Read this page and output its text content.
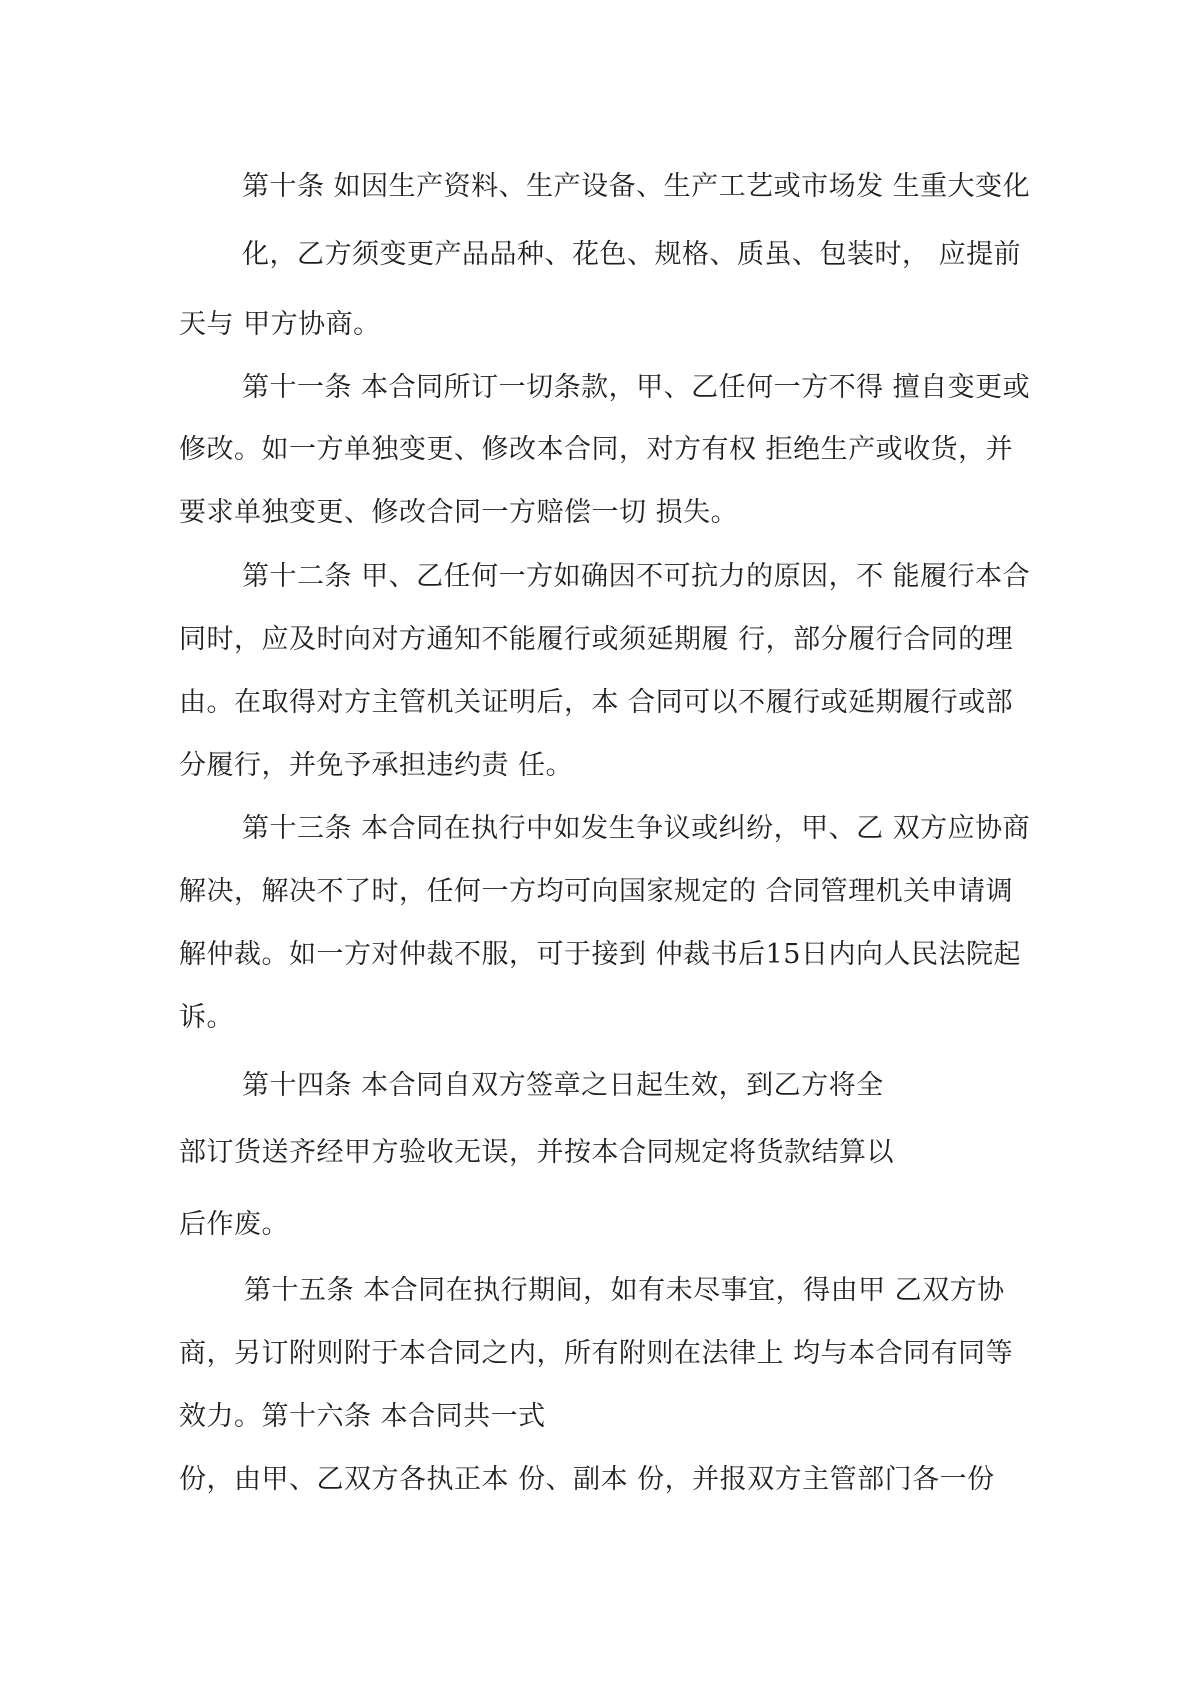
第十条 如因生产资料、生产设备、生产工艺或市场发 生重大变化
化，乙方须变更产品品种、花色、规格、质虽、包装时， 应提前
天与 甲方协商。
第十一条 本合同所订一切条款，甲、乙任何一方不得 擅自变更或
修改。如一方单独变更、修改本合同，对方有权 拒绝生产或收货，并
要求单独变更、修改合同一方赔偿一切 损失。
第十二条 甲、乙任何一方如确因不可抗力的原因，不 能履行本合
同时，应及时向对方通知不能履行或须延期履 行，部分履行合同的理
由。在取得对方主管机关证明后，本 合同可以不履行或延期履行或部
分履行，并免予承担违约责 任。
第十三条 本合同在执行中如发生争议或纠纷，甲、乙 双方应协商
解决，解决不了时，任何一方均可向国家规定的 合同管理机关申请调
解仲裁。如一方对仲裁不服，可于接到 仲裁书后15日内向人民法院起
诉。
第十四条 本合同自双方签章之日起生效，到乙方将全
部订货送齐经甲方验收无误，并按本合同规定将货款结算以
后作废。
第十五条 本合同在执行期间，如有未尽事宜，得由甲 乙双方协
商，另订附则附于本合同之内，所有附则在法律上 均与本合同有同等
效力。第十六条 本合同共一式
份，由甲、乙双方各执正本 份、副本 份，并报双方主管部门各一份
